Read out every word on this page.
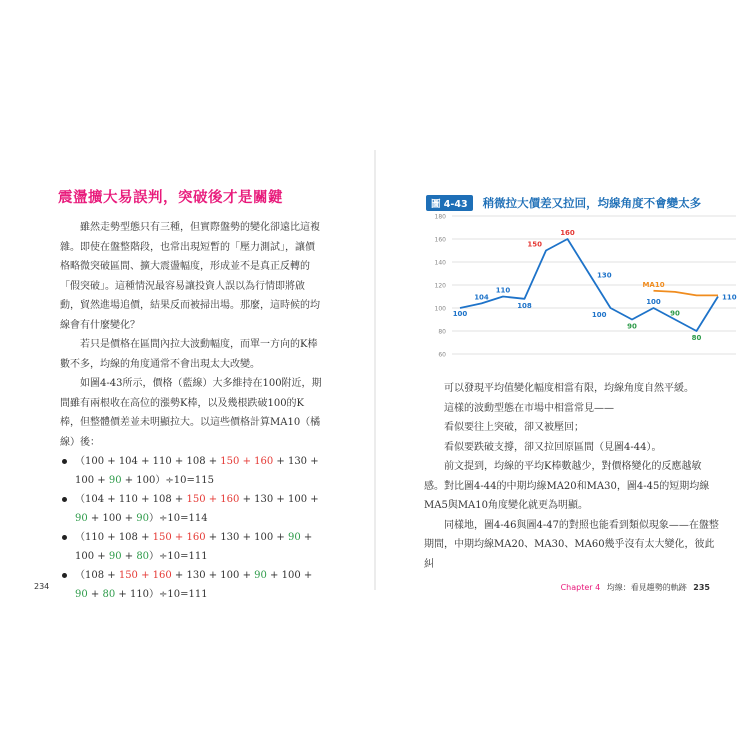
震盪擴大易誤判，突破後才是關鍵

雖然走勢型態只有三種，但實際盤勢的變化卻遠比這複雜。即使在盤整階段，也常出現短暫的「壓力測試」，讓價格略微突破區間、擴大震盪幅度，形成並不是真正反轉的「假突破」。這種情況最容易讓投資人誤以為行情即將啟動，貿然進場追價，結果反而被掃出場。那麼，這時候的均線會有什麼變化？

若只是價格在區間內拉大波動幅度，而單一方向的K棒數不多，均線的角度通常不會出現太大改變。

如圖4-43所示，價格（藍線）大多維持在100附近，期間雖有兩根收在高位的漲勢K棒，以及幾根跌破100的K棒，但整體價差並未明顯拉大。以這些價格計算MA10（橘線）後：

（100 + 104 + 110 + 108 + 150 + 160 + 130 + 100 + 90 + 100）÷10=115
（104 + 110 + 108 + 150 + 160 + 130 + 100 + 90 + 100 + 90）÷10=114
（110 + 108 + 150 + 160 + 130 + 100 + 90 + 100 + 90 + 80）÷10=111
（108 + 150 + 160 + 130 + 100 + 90 + 100 + 90 + 80 + 110）÷10=111
234
圖 4-43 稍微拉大價差又拉回，均線角度不會變太多
60
80
100
120
140
160
180
100
104
110
108
150
160
130
100
90
100
90
80
110
MA10

可以發現平均值變化幅度相當有限，均線角度自然平緩。

這樣的波動型態在市場中相當常見——

看似要往上突破，卻又被壓回；

看似要跌破支撐，卻又拉回原區間（見圖4-44）。

前文提到，均線的平均K棒數越少，對價格變化的反應越敏感。對比圖4-44的中期均線MA20和MA30，圖4-45的短期均線MA5與MA10角度變化就更為明顯。

同樣地，圖4-46與圖4-47的對照也能看到類似現象——在盤整期間，中期均線MA20、MA30、MA60幾乎沒有太大變化，彼此糾

Chapter 4 均線：看見趨勢的軌跡 235
